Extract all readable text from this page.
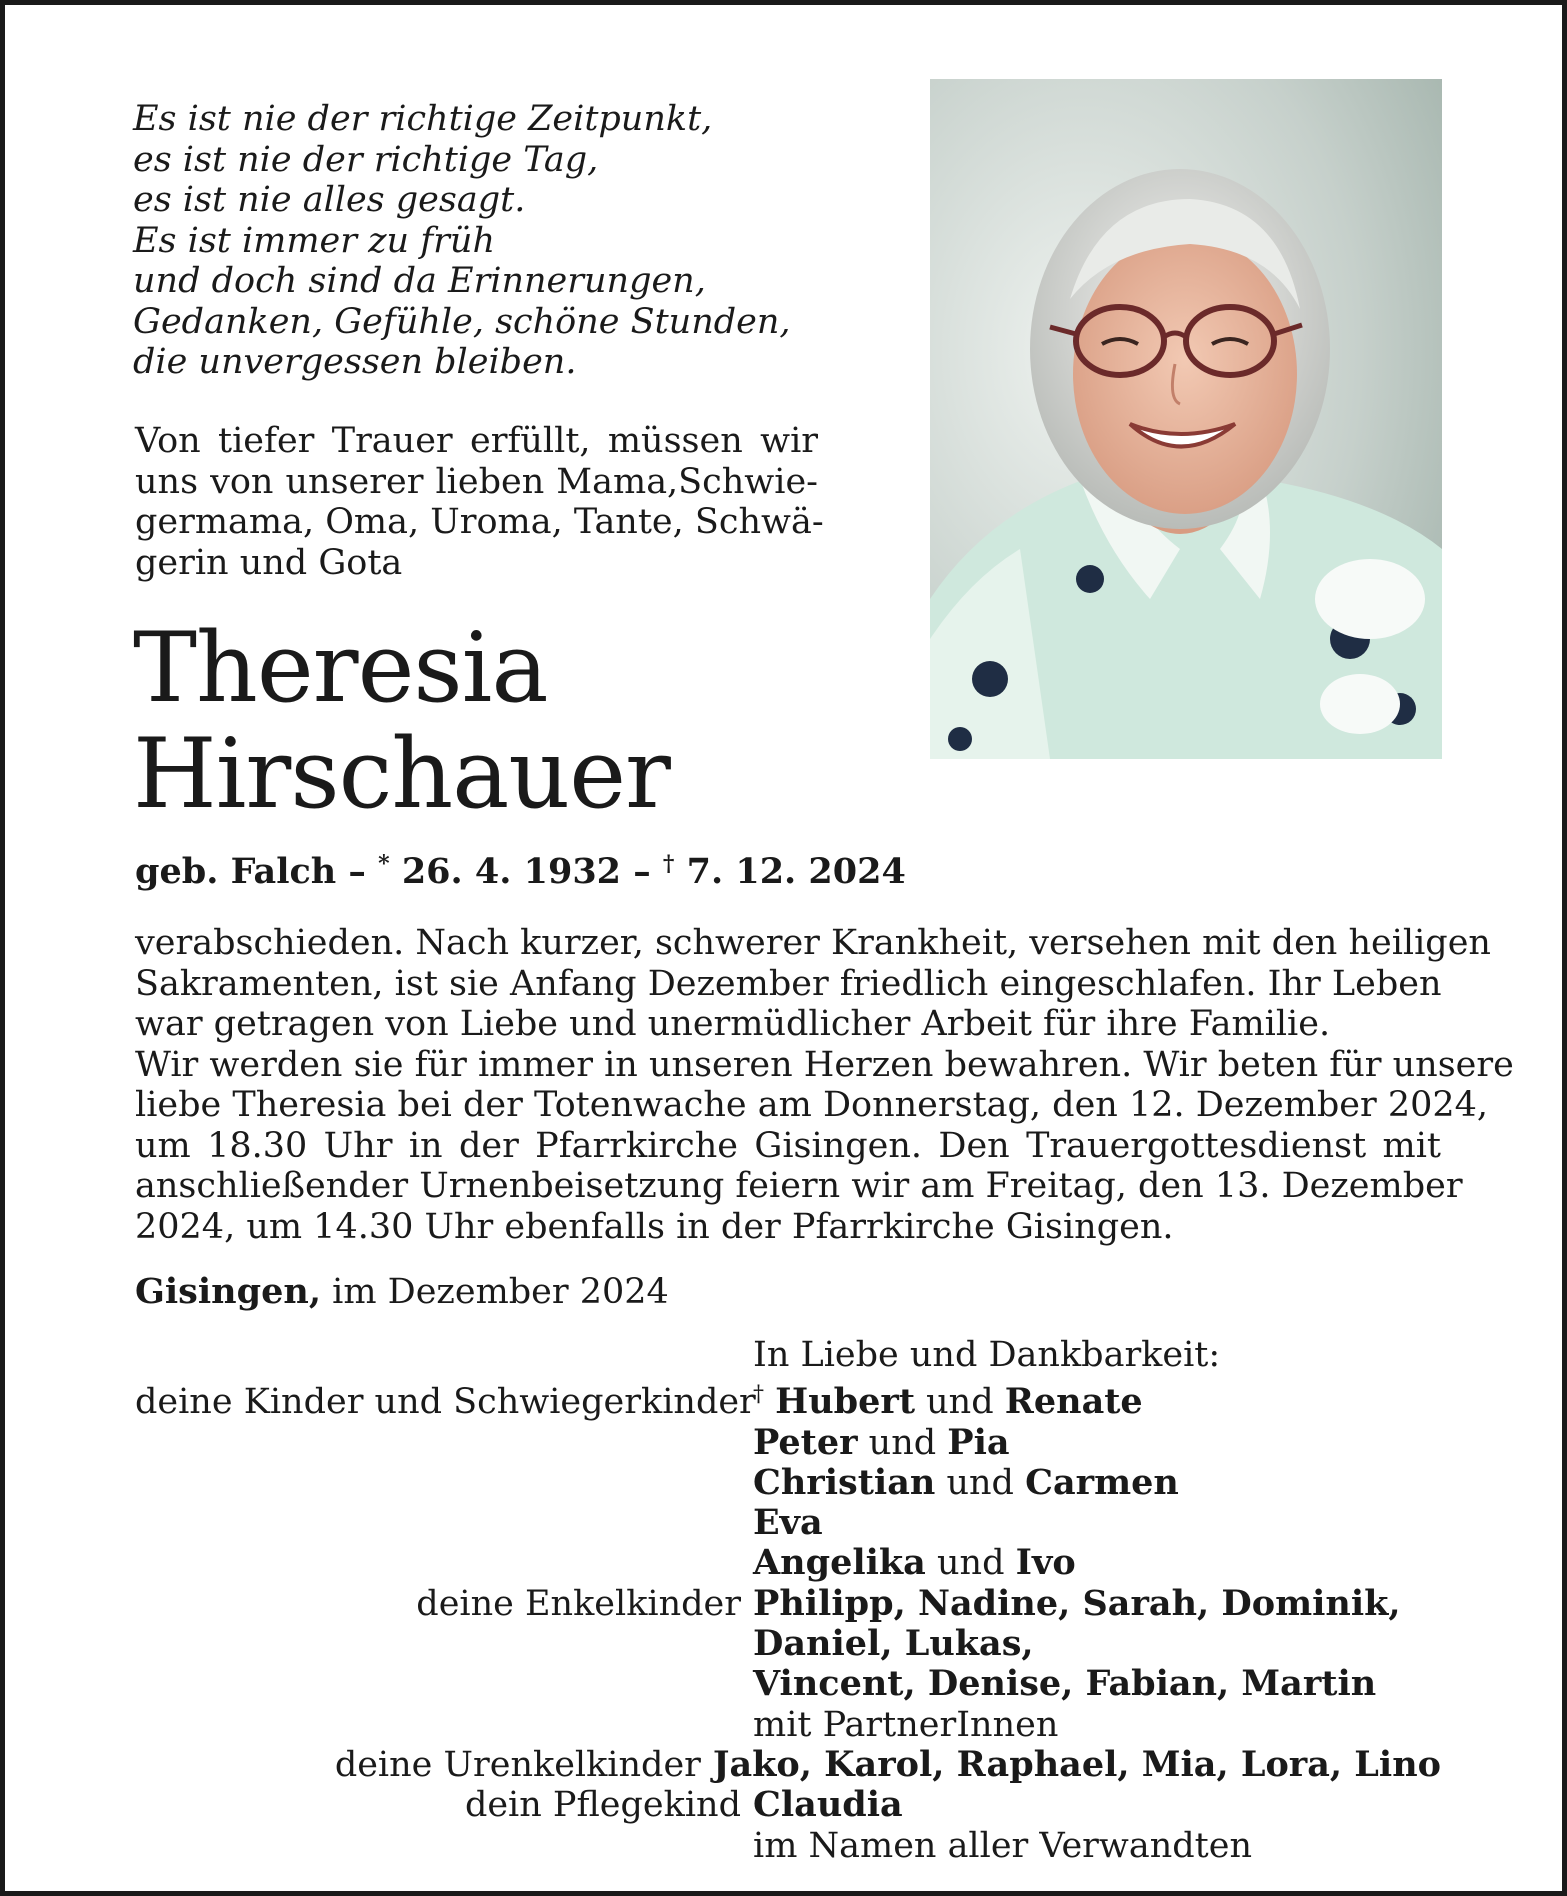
Es ist nie der richtige Zeitpunkt,
es ist nie der richtige Tag,
es ist nie alles gesagt.
Es ist immer zu früh
und doch sind da Erinnerungen,
Gedanken, Gefühle, schöne Stunden,
die unvergessen bleiben.
Von tiefer Trauer erfüllt, müssen wir
uns von unserer lieben Mama,Schwie-
germama, Oma, Uroma, Tante, Schwä-
gerin und Gota
Theresia
Hirschauer
geb. Falch – * 26. 4. 1932 – † 7. 12. 2024
verabschieden. Nach kurzer, schwerer Krankheit, versehen mit den heiligen
Sakramenten, ist sie Anfang Dezember friedlich eingeschlafen. Ihr Leben
war getragen von Liebe und unermüdlicher Arbeit für ihre Familie.
Wir werden sie für immer in unseren Herzen bewahren. Wir beten für unsere
liebe Theresia bei der Totenwache am Donnerstag, den 12. Dezember 2024,
um 18.30 Uhr in der Pfarrkirche Gisingen. Den Trauergottesdienst mit
anschließender Urnenbeisetzung feiern wir am Freitag, den 13. Dezember
2024, um 14.30 Uhr ebenfalls in der Pfarrkirche Gisingen.
Gisingen, im Dezember 2024
In Liebe und Dankbarkeit:
deine Kinder und Schwiegerkinder
† Hubert und Renate
Peter und Pia
Christian und Carmen
Eva
Angelika und Ivo
deine Enkelkinder Philipp, Nadine, Sarah, Dominik,
Daniel, Lukas,
Vincent, Denise, Fabian, Martin
mit PartnerInnen
deine Urenkelkinder Jako, Karol, Raphael, Mia, Lora, Lino
dein Pflegekind Claudia
im Namen aller Verwandten
